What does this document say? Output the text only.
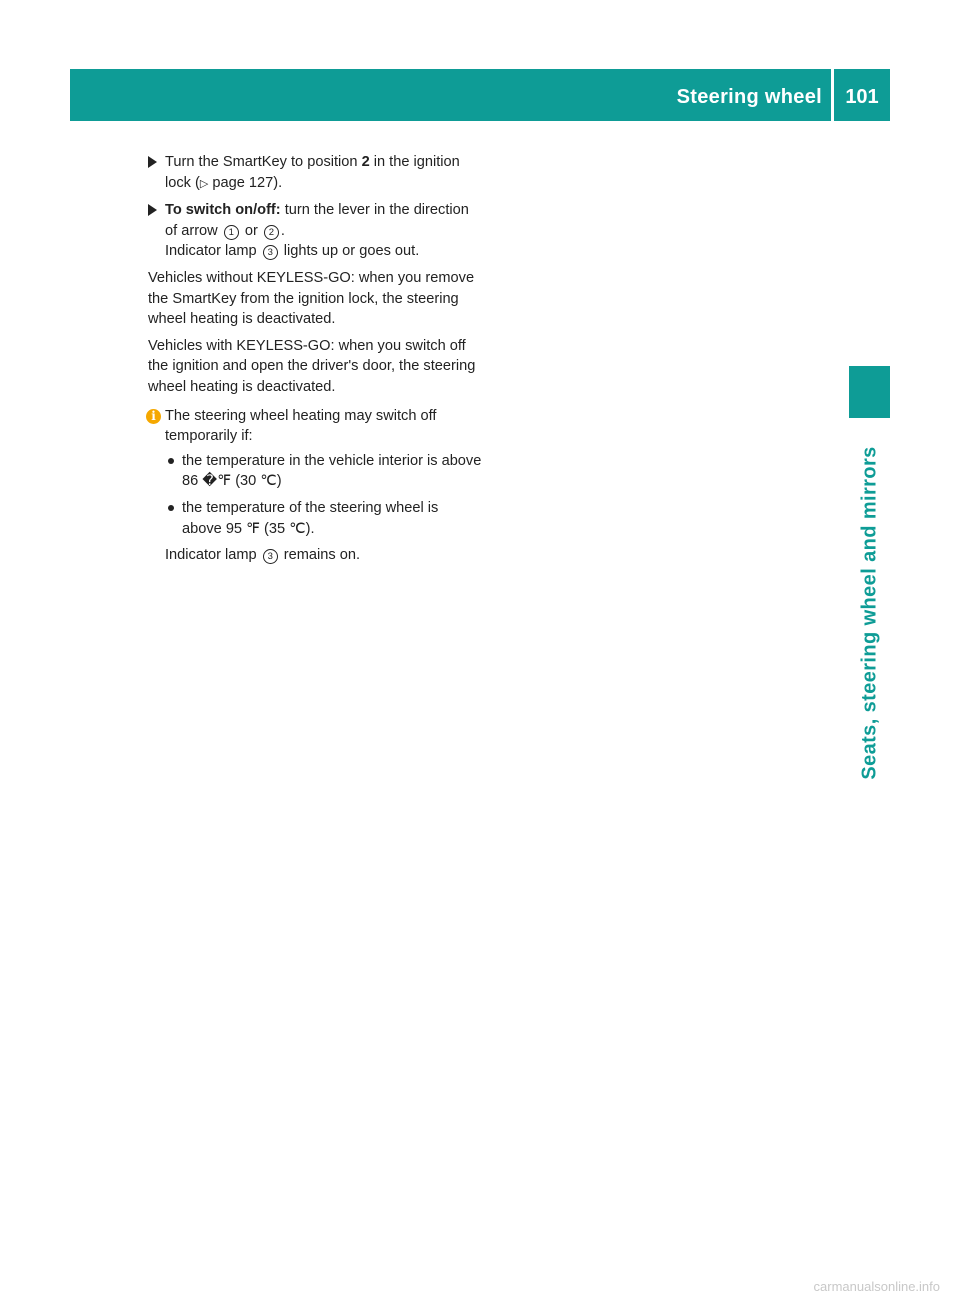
Steering wheel	101
Seats, steering wheel and mirrors
Turn the SmartKey to position 2 in the ignition lock (▷ page 127).
To switch on/off: turn the lever in the direction of arrow 1 or 2 .
Indicator lamp 3 lights up or goes out.

Vehicles without KEYLESS-GO: when you remove the SmartKey from the ignition lock, the steering wheel heating is deactivated.

Vehicles with KEYLESS-GO: when you switch off the ignition and open the driver's door, the steering wheel heating is deactivated.

i The steering wheel heating may switch off temporarily if:
the temperature in the vehicle interior is above 86 �℉ (30 ℃)
the temperature of the steering wheel is above 95 ℉ (35 ℃).

Indicator lamp 3 remains on.

carmanualsonline.info
